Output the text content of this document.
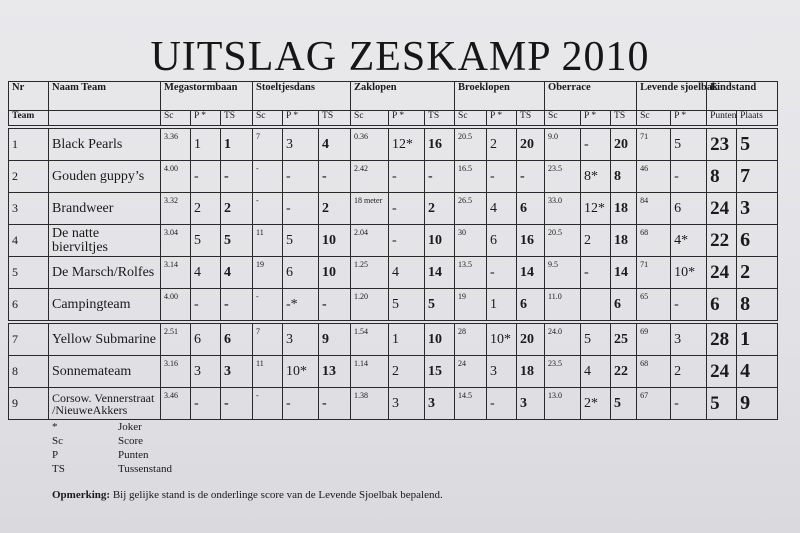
UITSLAG ZESKAMP 2010
Nr	Naam Team	Megastormbaan			Stoeltjesdans			Zaklopen			Broeklopen			Oberrace			Levende sjoelbak		Eindstand	
Team		Sc	P *	TS	Sc	P *	TS	Sc	P *	TS	Sc	P *	TS	Sc	P *	TS	Sc	P *	Punten	Plaats
1	Black Pearls	3.36	1	1	7	3	4	0.36	12*	16	20.5	2	20	9.0	-	20	71	5	23	5
2	Gouden guppy’s	4.00	-	-	-	-	-	2.42	-	-	16.5	-	-	23.5	8*	8	46	-	8	7
3	Brandweer	3.32	2	2	-	-	2	18 meter	-	2	26.5	4	6	33.0	12*	18	84	6	24	3
4	De natte bierviltjes	3.04	5	5	11	5	10	2.04	-	10	30	6	16	20.5	2	18	68	4*	22	6
5	De Marsch/Rolfes	3.14	4	4	19	6	10	1.25	4	14	13.5	-	14	9.5	-	14	71	10*	24	2
6	Campingteam	4.00	-	-	-	-*	-	1.20	5	5	19	1	6	11.0		6	65	-	6	8
7	Yellow Submarine	2.51	6	6	7	3	9	1.54	1	10	28	10*	20	24.0	5	25	69	3	28	1
8	Sonnemateam	3.16	3	3	11	10*	13	1.14	2	15	24	3	18	23.5	4	22	68	2	24	4
9	Corsow. Vennerstraat /NieuweAkkers	3.46	-	-	-	-	-	1.38	3	3	14.5	-	3	13.0	2*	5	67	-	5	9
*	Joker
Sc	Score
P	Punten
TS	Tussenstand
Opmerking: Bij gelijke stand is de onderlinge score van de Levende Sjoelbak bepalend.
